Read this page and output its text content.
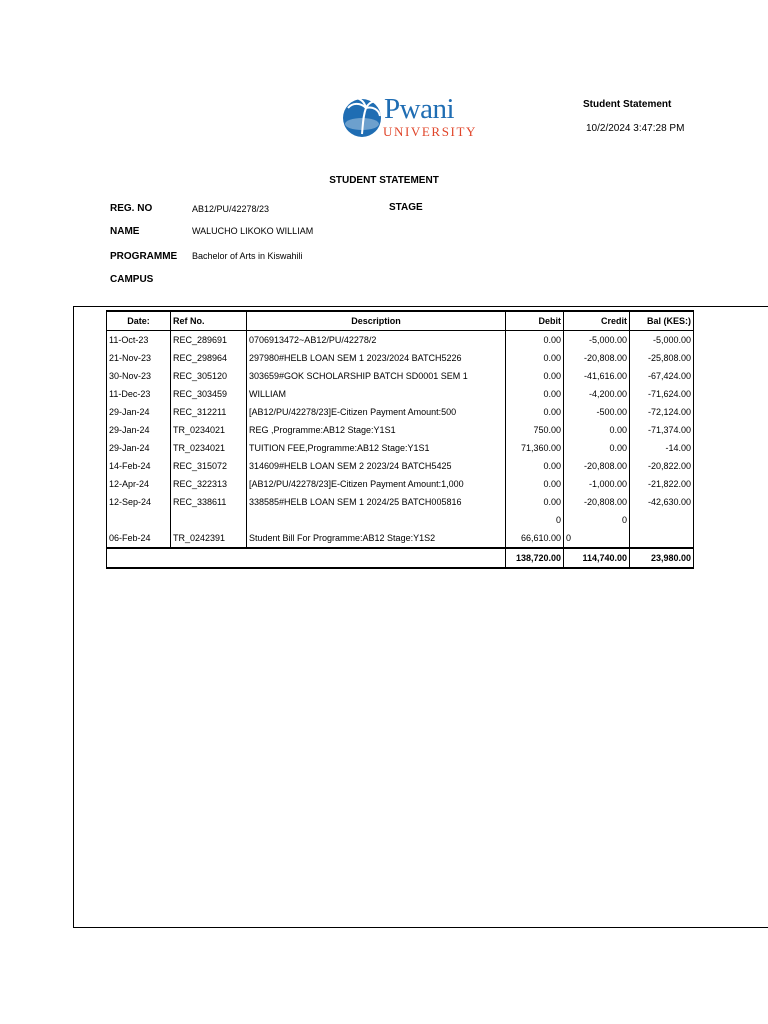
Pwani
UNIVERSITY
Student Statement
10/2/2024 3:47:28 PM
STUDENT STATEMENT
REG. NO	AB12/PU/42278/23	STAGE
NAME	WALUCHO LIKOKO WILLIAM
PROGRAMME Bachelor of Arts in Kiswahili
CAMPUS
Date:	Ref No.	Description	Debit	Credit	Bal (KES:)
11-Oct-23	REC_289691	0706913472~AB12/PU/42278/2	0.00	-5,000.00	-5,000.00
21-Nov-23	REC_298964	297980#HELB LOAN SEM 1 2023/2024 BATCH5226	0.00	-20,808.00	-25,808.00
30-Nov-23	REC_305120	303659#GOK SCHOLARSHIP BATCH SD0001 SEM 1	0.00	-41,616.00	-67,424.00
11-Dec-23	REC_303459	WILLIAM	0.00	-4,200.00	-71,624.00
29-Jan-24	REC_312211	[AB12/PU/42278/23]E-Citizen Payment Amount:500	0.00	-500.00	-72,124.00
29-Jan-24	TR_0234021	REG ,Programme:AB12 Stage:Y1S1	750.00	0.00	-71,374.00
29-Jan-24	TR_0234021	TUITION FEE,Programme:AB12 Stage:Y1S1	71,360.00	0.00	-14.00
14-Feb-24	REC_315072	314609#HELB LOAN SEM 2 2023/24 BATCH5425	0.00	-20,808.00	-20,822.00
12-Apr-24	REC_322313	[AB12/PU/42278/23]E-Citizen Payment Amount:1,000	0.00	-1,000.00	-21,822.00
12-Sep-24	REC_338611	338585#HELB LOAN SEM 1 2024/25 BATCH005816	0.00	-20,808.00	-42,630.00
			0	0	
06-Feb-24	TR_0242391	Student Bill For Programme:AB12 Stage:Y1S2	66,610.00	0	
			138,720.00	114,740.00	23,980.00
